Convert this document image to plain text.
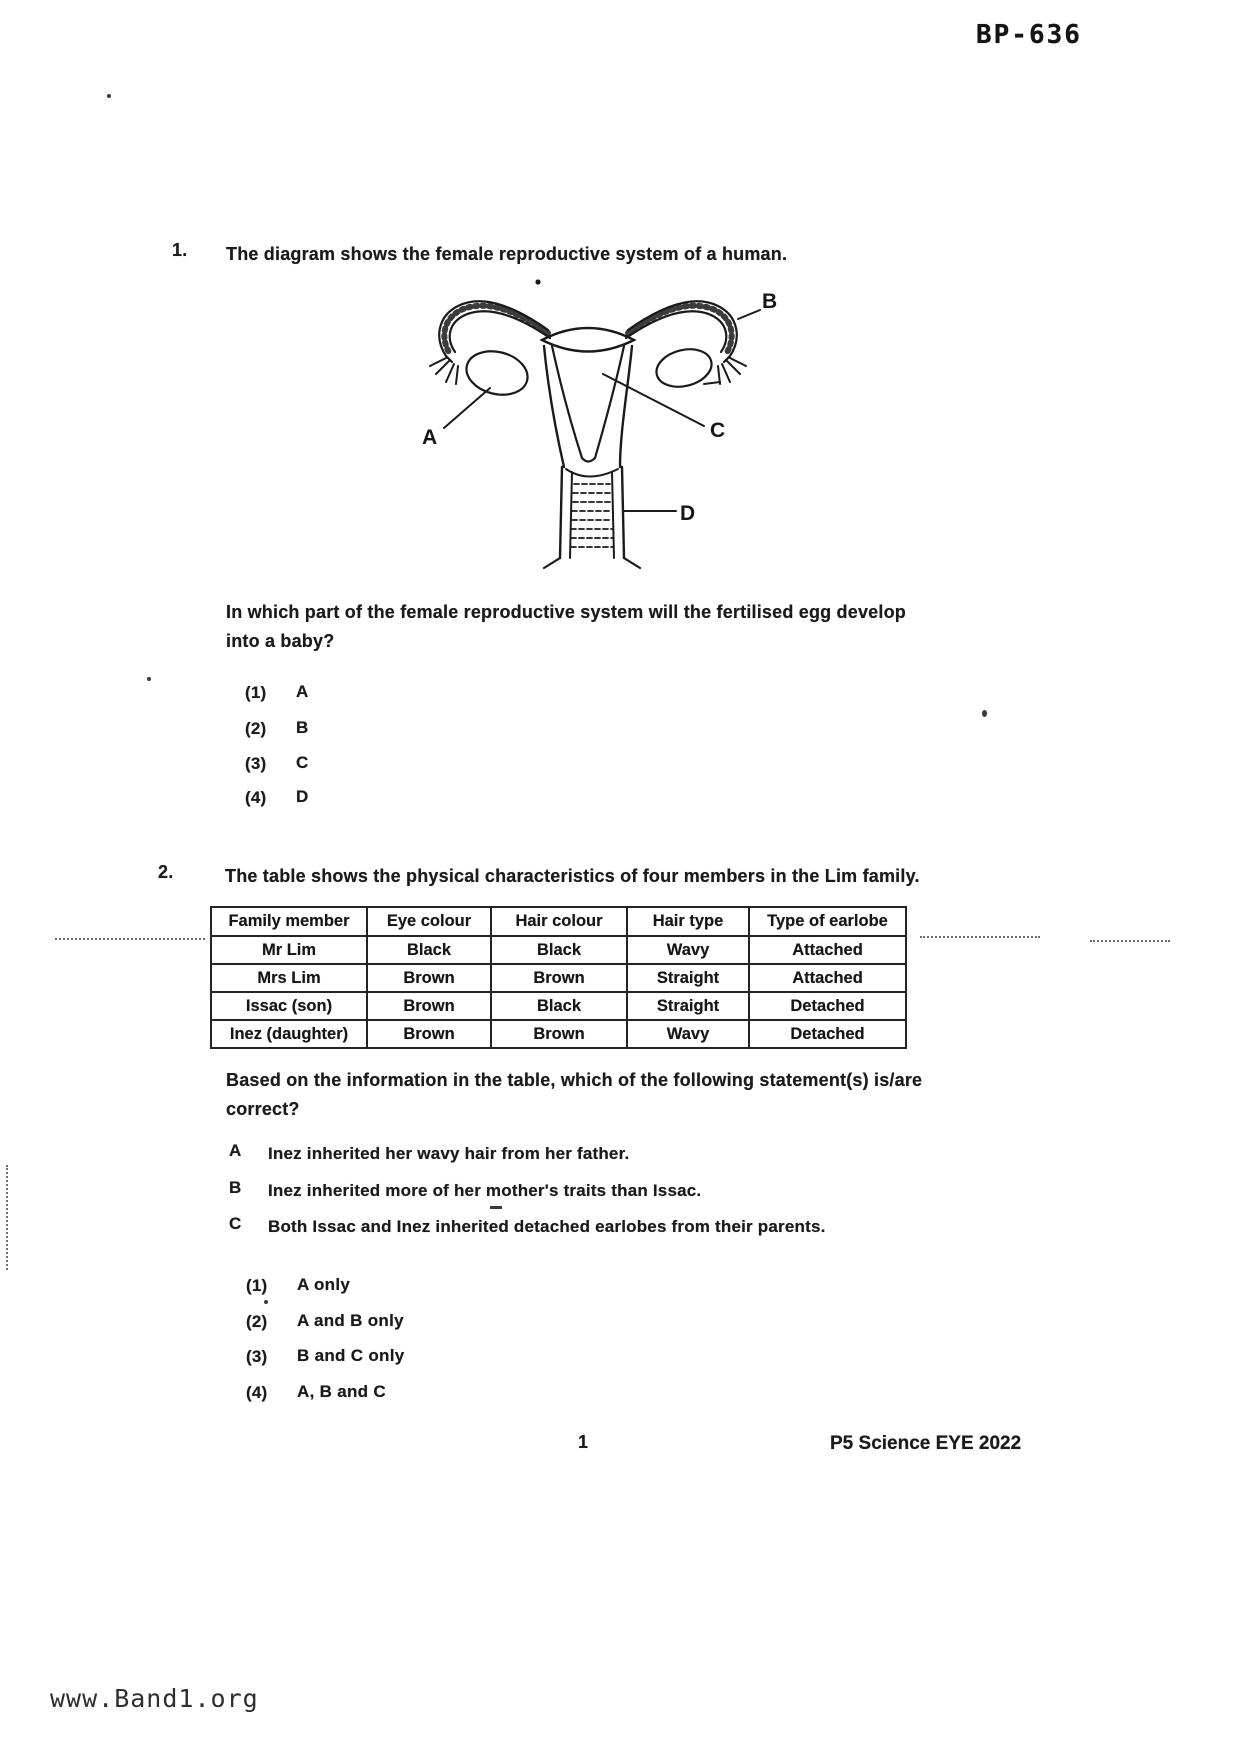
BP-636
1. The diagram shows the female reproductive system of a human.
A
B
C
D
In which part of the female reproductive system will the fertilised egg develop into a baby?
(1) A
(2) B
(3) C
(4) D
2.	The table shows the physical characteristics of four members in the Lim family.
Family member	Eye colour	Hair colour	Hair type	Type of earlobe
Mr Lim	Black	Black	Wavy	Attached
Mrs Lim	Brown	Brown	Straight	Attached
Issac (son)	Brown	Black	Straight	Detached
Inez (daughter)	Brown	Brown	Wavy	Detached
Based on the information in the table, which of the following statement(s) is/are correct?
A Inez inherited her wavy hair from her father.
B Inez inherited more of her mother's traits than Issac.
C Both Issac and Inez inherited detached earlobes from their parents.
(1) A only
(2) A and B only
(3) B and C only
(4) A, B and C
1	P5 Science EYE 2022
www.Band1.org
